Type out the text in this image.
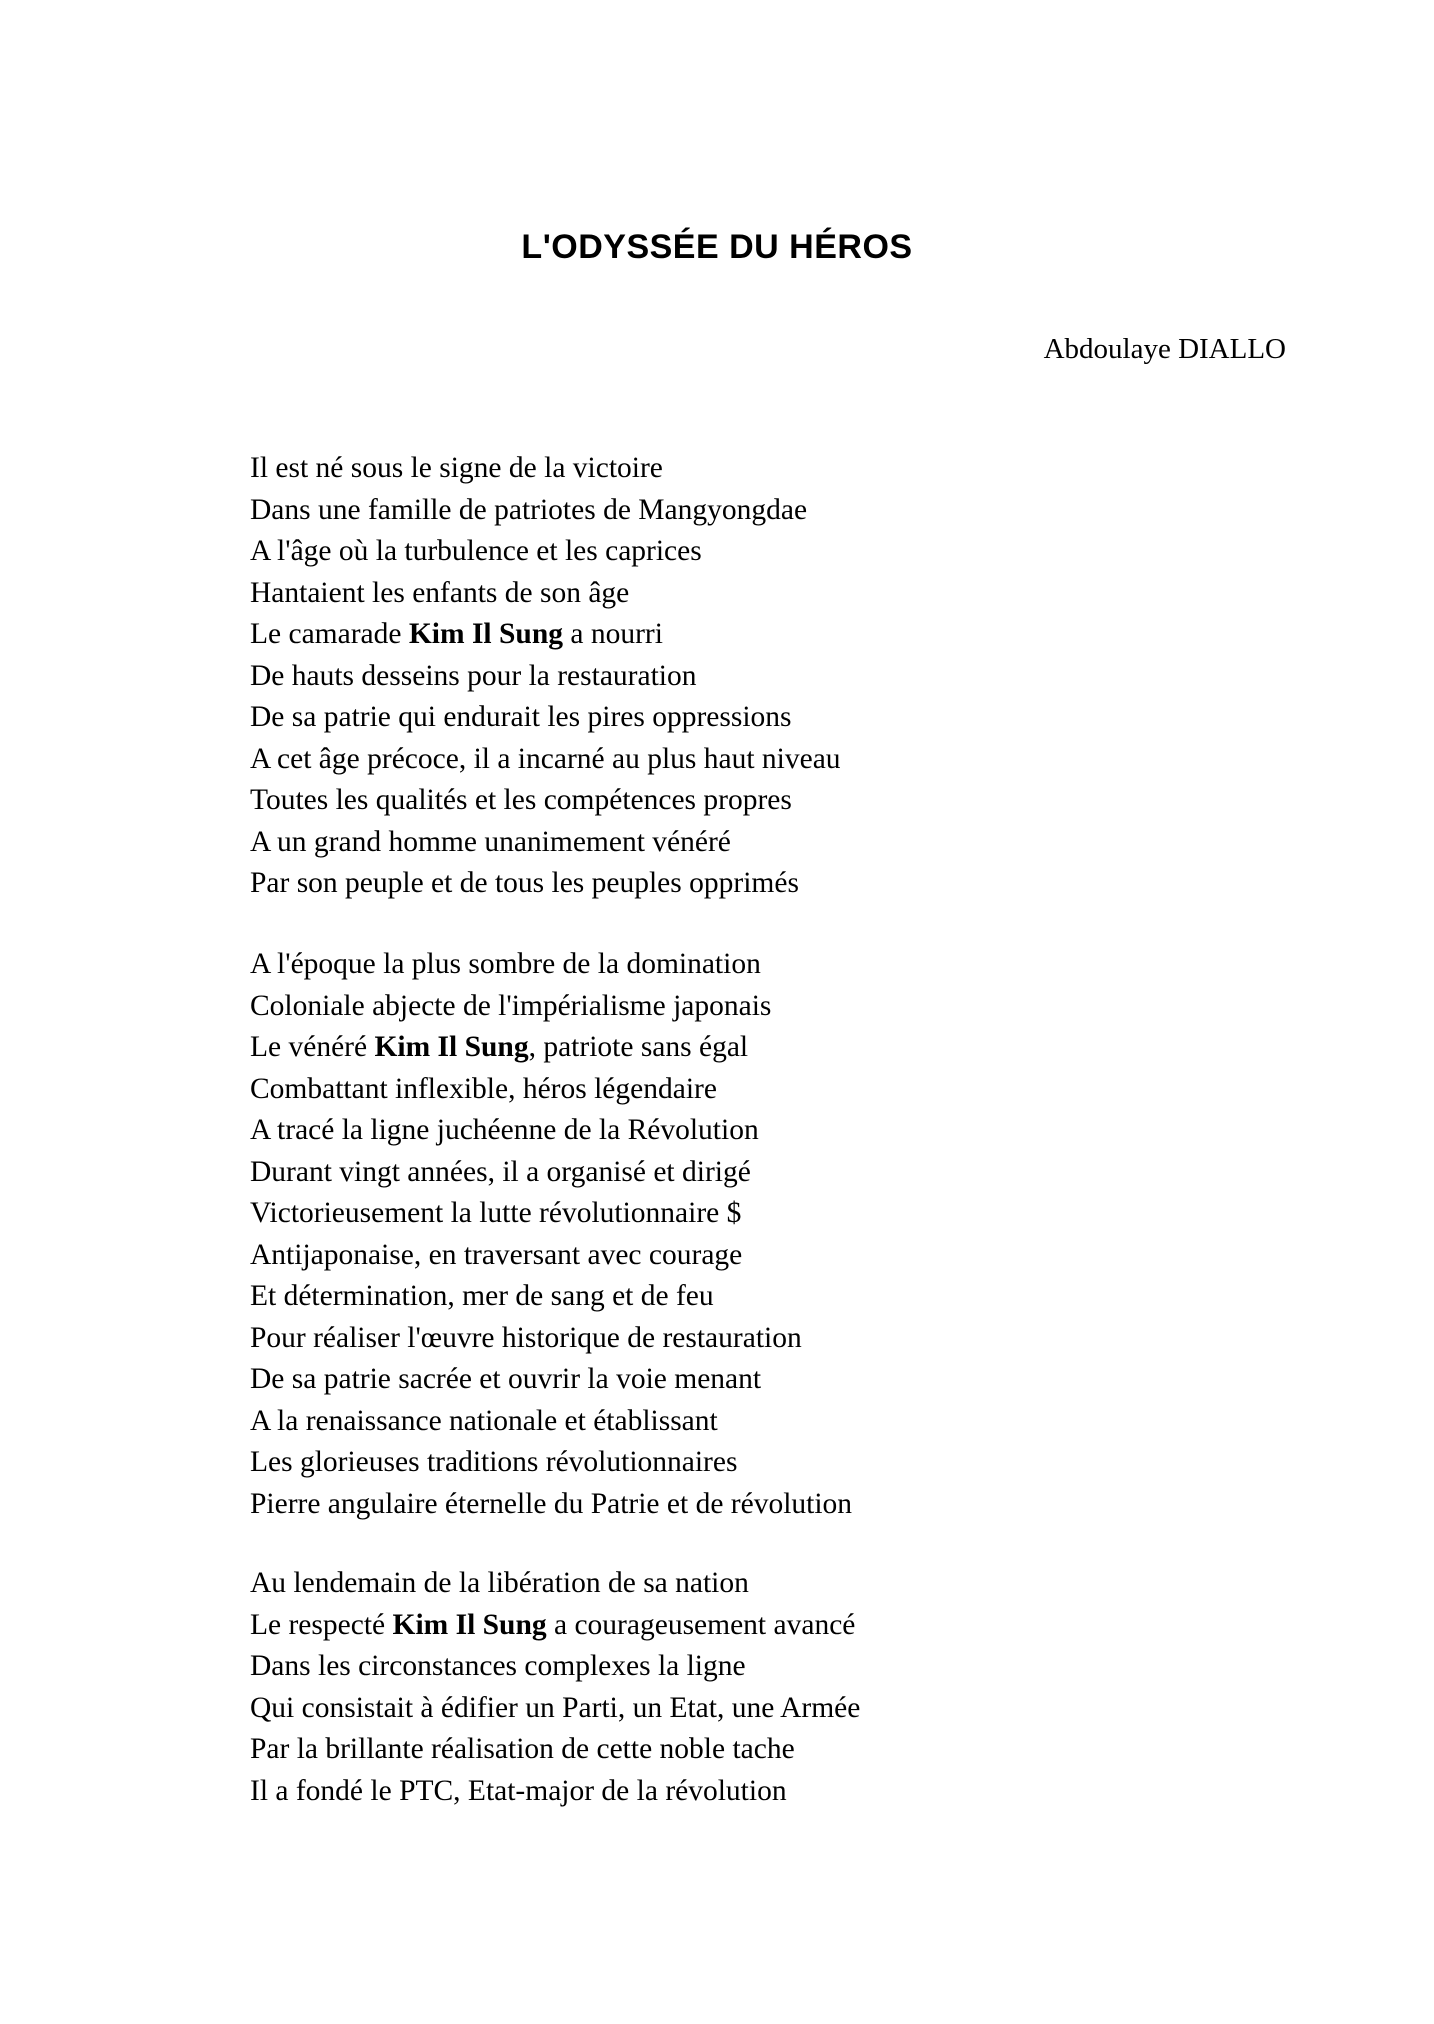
L'ODYSSÉE DU HÉROS
Abdoulaye DIALLO
Il est né sous le signe de la victoire
Dans une famille de patriotes de Mangyongdae
A l'âge où la turbulence et les caprices
Hantaient les enfants de son âge
Le camarade Kim Il Sung a nourri
De hauts desseins pour la restauration
De sa patrie qui endurait les pires oppressions
A cet âge précoce, il a incarné au plus haut niveau
Toutes les qualités et les compétences propres
A un grand homme unanimement vénéré
Par son peuple et de tous les peuples opprimés
A l'époque la plus sombre de la domination
Coloniale abjecte de l'impérialisme japonais
Le vénéré Kim Il Sung, patriote sans égal
Combattant inflexible, héros légendaire
A tracé la ligne juchéenne de la Révolution
Durant vingt années, il a organisé et dirigé
Victorieusement la lutte révolutionnaire $
Antijaponaise, en traversant avec courage
Et détermination, mer de sang et de feu
Pour réaliser l'œuvre historique de restauration
De sa patrie sacrée et ouvrir la voie menant
A la renaissance nationale et établissant
Les glorieuses traditions révolutionnaires
Pierre angulaire éternelle du Patrie et de révolution
Au lendemain de la libération de sa nation
Le respecté Kim Il Sung a courageusement avancé
Dans les circonstances complexes la ligne
Qui consistait à édifier un Parti, un Etat, une Armée
Par la brillante réalisation de cette noble tache
Il a fondé le PTC, Etat-major de la révolution
